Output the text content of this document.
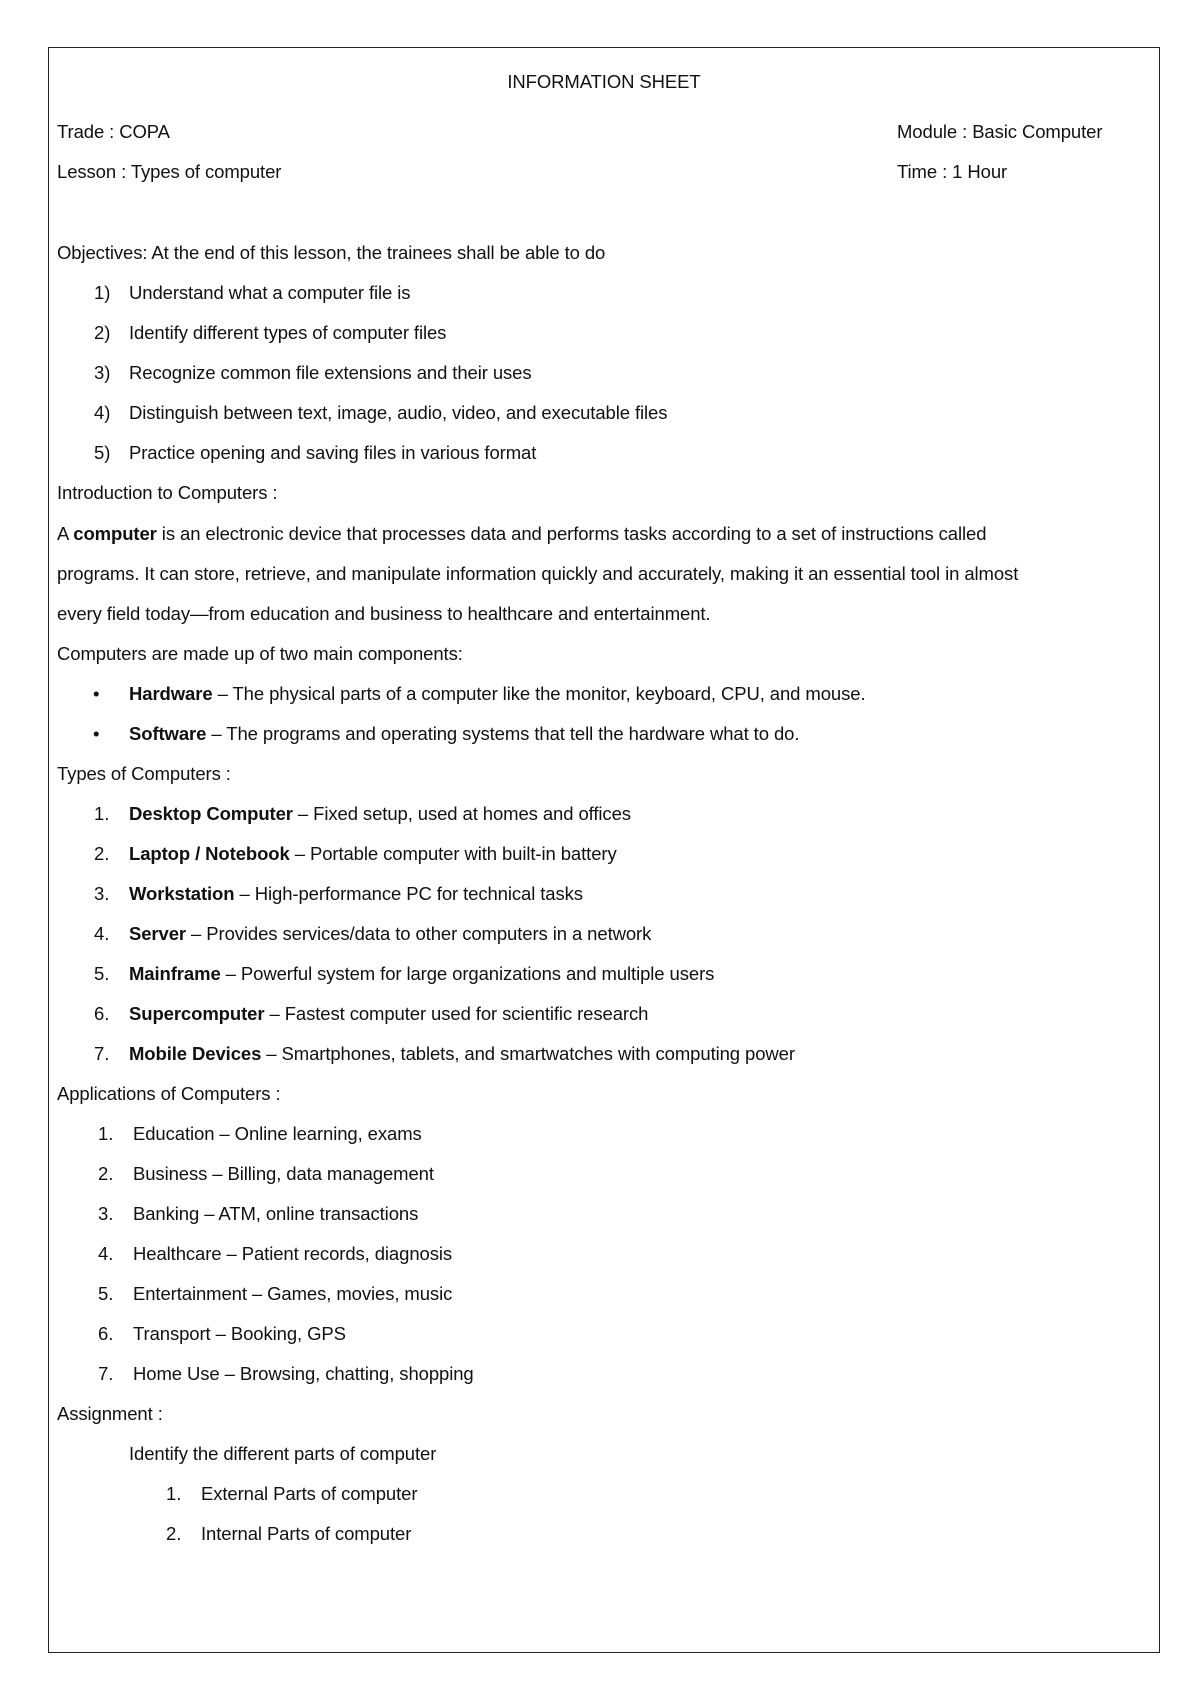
INFORMATION SHEET
Trade : COPA	Module : Basic Computer
Lesson : Types of computer	Time : 1 Hour
Objectives: At the end of this lesson, the trainees shall be able to do
1) Understand what a computer file is
2) Identify different types of computer files
3) Recognize common file extensions and their uses
4) Distinguish between text, image, audio, video, and executable files
5) Practice opening and saving files in various format
Introduction to Computers :
A computer is an electronic device that processes data and performs tasks according to a set of instructions called
programs. It can store, retrieve, and manipulate information quickly and accurately, making it an essential tool in almost
every field today—from education and business to healthcare and entertainment.
Computers are made up of two main components:
• Hardware – The physical parts of a computer like the monitor, keyboard, CPU, and mouse.
• Software – The programs and operating systems that tell the hardware what to do.
Types of Computers :
1. Desktop Computer – Fixed setup, used at homes and offices
2. Laptop / Notebook – Portable computer with built-in battery
3. Workstation – High-performance PC for technical tasks
4. Server – Provides services/data to other computers in a network
5. Mainframe – Powerful system for large organizations and multiple users
6. Supercomputer – Fastest computer used for scientific research
7. Mobile Devices – Smartphones, tablets, and smartwatches with computing power
Applications of Computers :
1. Education – Online learning, exams
2. Business – Billing, data management
3. Banking – ATM, online transactions
4. Healthcare – Patient records, diagnosis
5. Entertainment – Games, movies, music
6. Transport – Booking, GPS
7. Home Use – Browsing, chatting, shopping
Assignment :
Identify the different parts of computer
1. External Parts of computer
2. Internal Parts of computer
